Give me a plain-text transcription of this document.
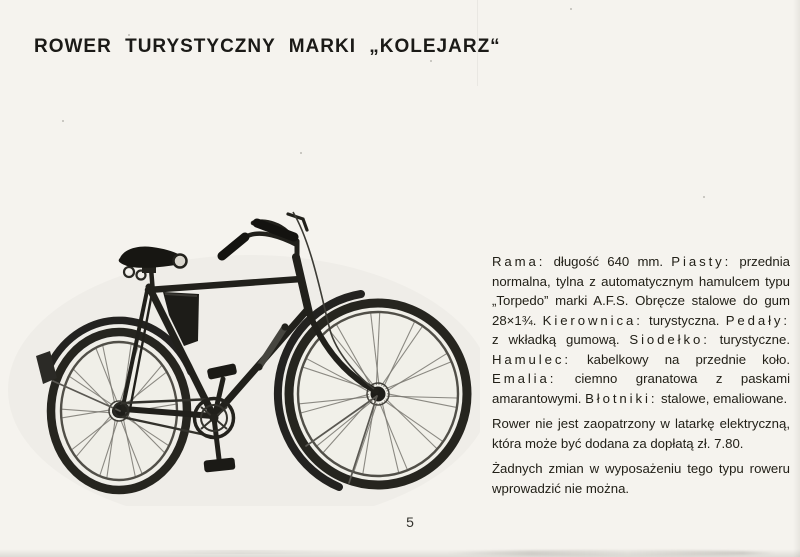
ROWER TURYSTYCZNY MARKI „KOLEJARZ“

Rama: długość 640 mm. Piasty: przednia normalna, tylna z automatycznym hamulcem typu „Torpedo” marki A.F.S. Obręcze stalowe do gum 28×1¾. Kierownica: turystyczna. Pedały: z wkładką gumową. Siodełko: turystyczne. Hamulec: kabelkowy na przednie koło. Emalia: ciemno granatowa z paskami amarantowymi. Błotniki: stalowe, emaliowane.

Rower nie jest zaopatrzony w latarkę elektryczną, która może być dodana za dopłatą zł. 7.80.

Żadnych zmian w wyposażeniu tego typu roweru wprowadzić nie można.

5
